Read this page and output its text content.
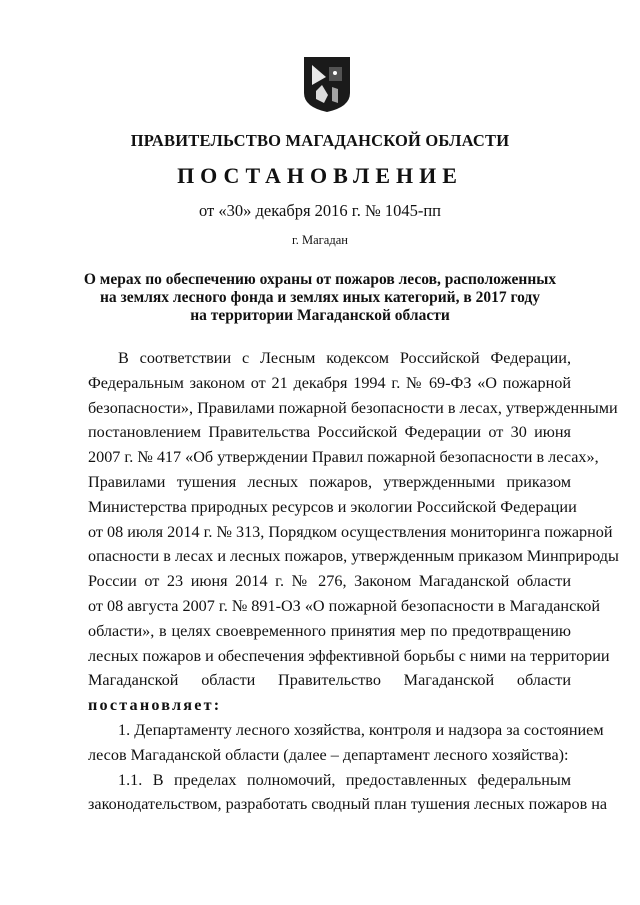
ПРАВИТЕЛЬСТВО МАГАДАНСКОЙ ОБЛАСТИ
ПОСТАНОВЛЕНИЕ
от «30» декабря 2016 г. № 1045-пп
г. Магадан
О мерах по обеспечению охраны от пожаров лесов, расположенных
на землях лесного фонда и землях иных категорий, в 2017 году
на территории Магаданской области
В соответствии с Лесным кодексом Российской Федерации,
Федеральным законом от 21 декабря 1994 г. № 69-ФЗ «О пожарной
безопасности», Правилами пожарной безопасности в лесах, утвержденными
постановлением Правительства Российской Федерации от 30 июня
2007 г. № 417 «Об утверждении Правил пожарной безопасности в лесах»,
Правилами тушения лесных пожаров, утвержденными приказом
Министерства природных ресурсов и экологии Российской Федерации
от 08 июля 2014 г. № 313, Порядком осуществления мониторинга пожарной
опасности в лесах и лесных пожаров, утвержденным приказом Минприроды
России от 23 июня 2014 г. № 276, Законом Магаданской области
от 08 августа 2007 г. № 891-ОЗ «О пожарной безопасности в Магаданской
области», в целях своевременного принятия мер по предотвращению
лесных пожаров и обеспечения эффективной борьбы с ними на территории
Магаданской области Правительство Магаданской области
постановляет:
1. Департаменту лесного хозяйства, контроля и надзора за состоянием
лесов Магаданской области (далее – департамент лесного хозяйства):
1.1. В пределах полномочий, предоставленных федеральным
законодательством, разработать сводный план тушения лесных пожаров на
